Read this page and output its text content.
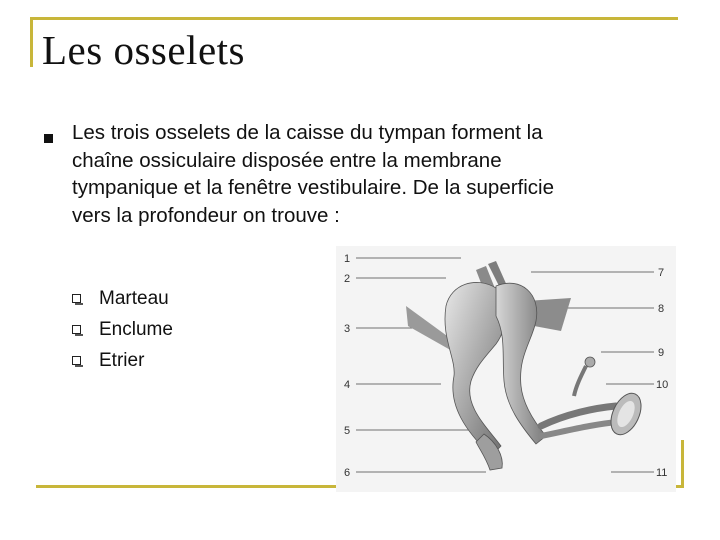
Les osselets

Les trois osselets de la caisse du tympan forment la chaîne ossiculaire disposée entre la membrane tympanique et la fenêtre vestibulaire. De la superficie vers la profondeur on trouve :

Marteau
Enclume
Etrier
1
2
3
4
5
6
7
8
9
10
11
